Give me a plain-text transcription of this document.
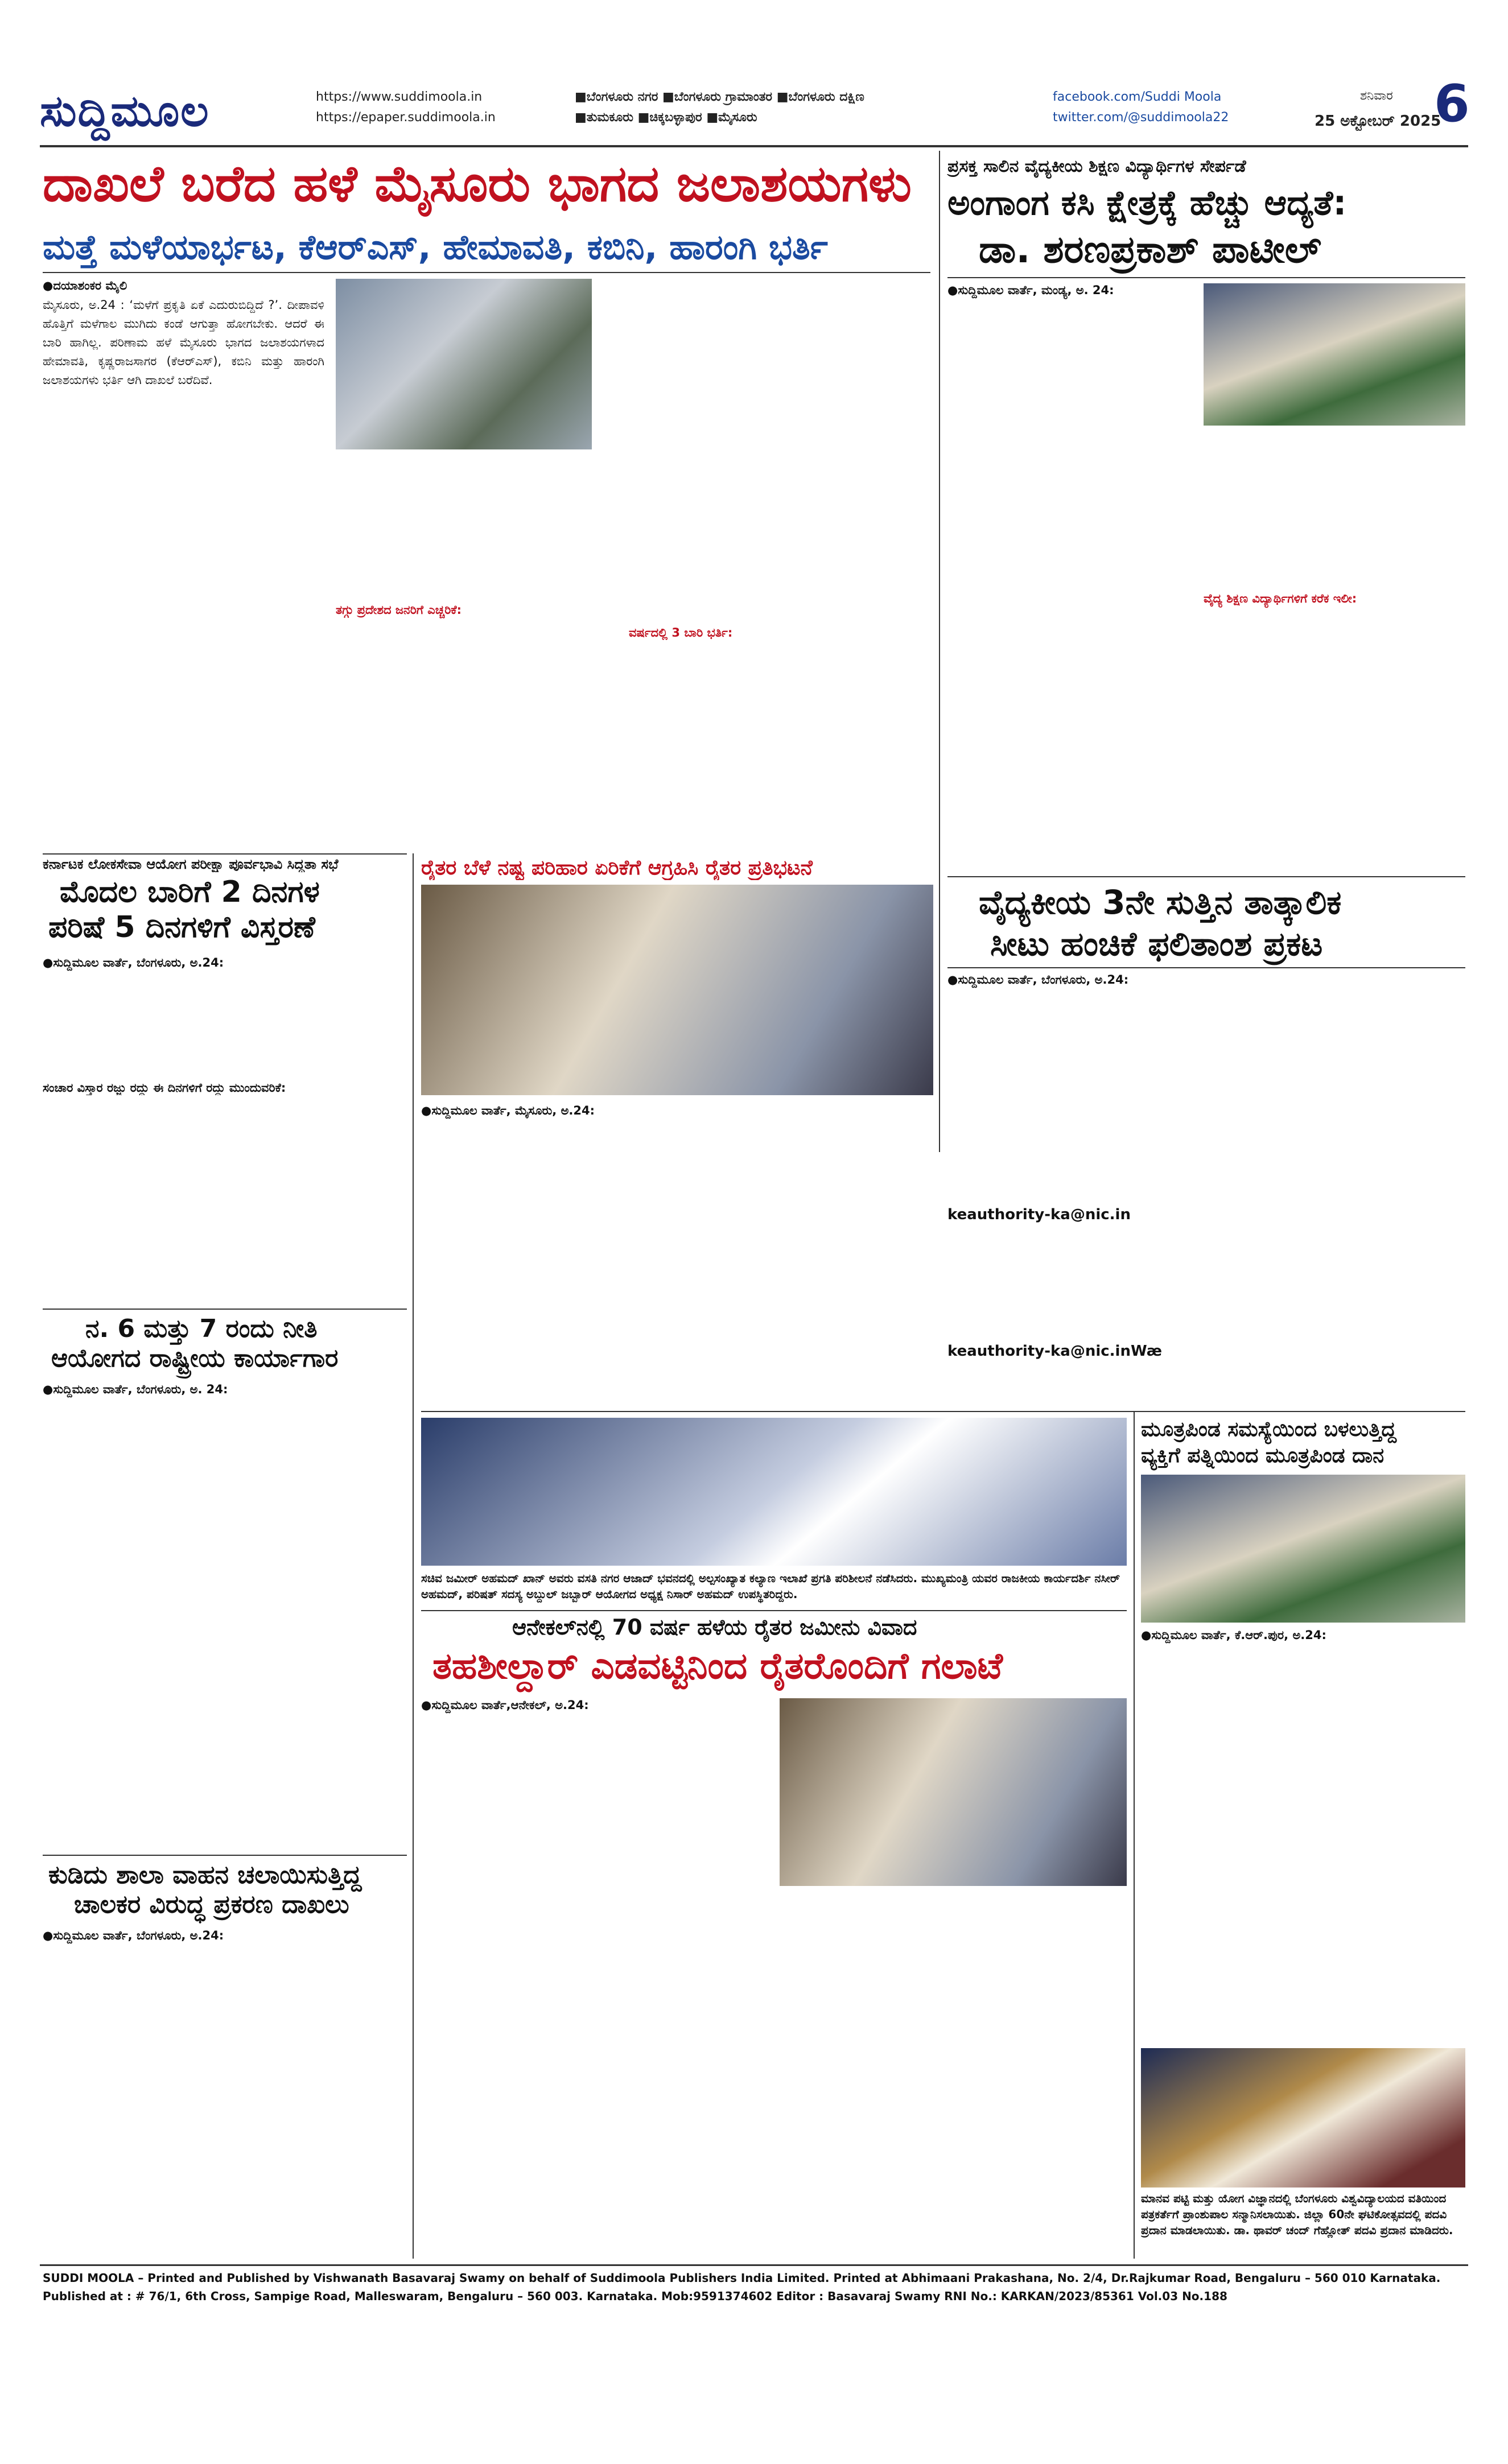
ಸುದ್ದಿಮೂಲ	https://www.suddimoola.in
https://epaper.suddimoola.in
■ಬೆಂಗಳೂರು ನಗರ ■ಬೆಂಗಳೂರು ಗ್ರಾಮಾಂತರ ■ಬೆಂಗಳೂರು ದಕ್ಷಿಣ
■ತುಮಕೂರು ■ಚಿಕ್ಕಬಳ್ಳಾಪುರ ■ಮೈಸೂರು
facebook.com/Suddi Moola
twitter.com/@suddimoola22
ಶನಿವಾರ
25 ಅಕ್ಟೋಬರ್ 2025
6
ದಾಖಲೆ ಬರೆದ ಹಳೆ ಮೈಸೂರು ಭಾಗದ ಜಲಾಶಯಗಳು
ಮತ್ತೆ ಮಳೆಯಾರ್ಭಟ, ಕೆಆರ್‌ಎಸ್, ಹೇಮಾವತಿ, ಕಬಿನಿ, ಹಾರಂಗಿ ಭರ್ತಿ
●ದಯಾಶಂಕರ ಮೈಲಿ
ಮೈಸೂರು, ಅ.24 : ‘ಮಳೆಗೆ ಪ್ರಕೃತಿ ಏಕೆ ಎದುರುಬಿದ್ದಿದೆ ?’. ದೀಪಾವಳಿ ಹೊತ್ತಿಗೆ ಮಳೆಗಾಲ ಮುಗಿದು ಕಂಡೆ ಆಗುತ್ತಾ ಹೋಗಬೇಕು. ಆದರೆ ಈ ಬಾರಿ ಹಾಗಿಲ್ಲ. ಪರಿಣಾಮ ಹಳೆ ಮೈಸೂರು ಭಾಗದ ಜಲಾಶಯಗಳಾದ ಹೇಮಾವತಿ, ಕೃಷ್ಣರಾಜಸಾಗರ (ಕೆಆರ್‌ಎಸ್), ಕಬಿನಿ ಮತ್ತು ಹಾರಂಗಿ ಜಲಾಶಯಗಳು ಭರ್ತಿ ಆಗಿ ದಾಖಲೆ ಬರೆದಿವೆ.
ತಗ್ಗು ಪ್ರದೇಶದ ಜನರಿಗೆ ಎಚ್ಚರಿಕೆ:
ವರ್ಷದಲ್ಲಿ 3 ಬಾರಿ ಭರ್ತಿ:
ಪ್ರಸಕ್ತ ಸಾಲಿನ ವೈದ್ಯಕೀಯ ಶಿಕ್ಷಣ ವಿದ್ಯಾರ್ಥಿಗಳ ಸೇರ್ಪಡೆ
ಅಂಗಾಂಗ ಕಸಿ ಕ್ಷೇತ್ರಕ್ಕೆ ಹೆಚ್ಚು ಆದ್ಯತೆ:
ಡಾ. ಶರಣಪ್ರಕಾಶ್ ಪಾಟೀಲ್
●ಸುದ್ದಿಮೂಲ ವಾರ್ತೆ, ಮಂಡ್ಯ, ಅ. 24:
ವೈದ್ಯ ಶಿಕ್ಷಣ ವಿದ್ಯಾರ್ಥಿಗಳಿಗೆ ಕರೆ‌ಕ ಇಲೀ:
ವೈದ್ಯಕೀಯ 3ನೇ ಸುತ್ತಿನ ತಾತ್ಕಾಲಿಕ
ಸೀಟು ಹಂಚಿಕೆ ಫಲಿತಾಂಶ ಪ್ರಕಟ
●ಸುದ್ದಿಮೂಲ ವಾರ್ತೆ, ಬೆಂಗಳೂರು, ಅ.24:
keauthority-ka@nic.in
keauthority-ka@nic.inWæ
ಕರ್ನಾಟಕ ಲೋಕಸೇವಾ ಆಯೋಗ ಪರೀಕ್ಷಾ ಪೂರ್ವಭಾವಿ ಸಿದ್ಧತಾ ಸಭೆ
ಮೊದಲ ಬಾರಿಗೆ 2 ದಿನಗಳ
ಪರಿಷೆ 5 ದಿನಗಳಿಗೆ ವಿಸ್ತರಣೆ
●ಸುದ್ದಿಮೂಲ ವಾರ್ತೆ, ಬೆಂಗಳೂರು, ಅ.24:
ಸಂಚಾರ ವಿಸ್ತಾರ ರಜ್ಜು ರದ್ದು ಈ ದಿನಗಳಿಗೆ ರದ್ದು ಮುಂದುವರಿಕೆ:
ನ. 6 ಮತ್ತು 7 ರಂದು ನೀತಿ
ಆಯೋಗದ ರಾಷ್ಟ್ರೀಯ ಕಾರ್ಯಾಗಾರ
●ಸುದ್ದಿಮೂಲ ವಾರ್ತೆ, ಬೆಂಗಳೂರು, ಅ. 24:
ಕುಡಿದು ಶಾಲಾ ವಾಹನ ಚಲಾಯಿಸುತ್ತಿದ್ದ
ಚಾಲಕರ ವಿರುದ್ಧ ಪ್ರಕರಣ ದಾಖಲು
●ಸುದ್ದಿಮೂಲ ವಾರ್ತೆ, ಬೆಂಗಳೂರು, ಅ.24:
ರೈತರ ಬೆಳೆ ನಷ್ಟ ಪರಿಹಾರ ಏರಿಕೆಗೆ ಆಗ್ರಹಿಸಿ ರೈತರ ಪ್ರತಿಭಟನೆ
●ಸುದ್ದಿಮೂಲ ವಾರ್ತೆ, ಮೈಸೂರು, ಅ.24:
ಸಚಿವ ಜಮೀರ್ ಅಹಮದ್ ಖಾನ್ ಅವರು ವಸತಿ ನಗರ ಆಜಾದ್ ಭವನದಲ್ಲಿ ಅಲ್ಪಸಂಖ್ಯಾತ ಕಲ್ಯಾಣ ಇಲಾಖೆ ಪ್ರಗತಿ ಪರಿಶೀಲನೆ ನಡೆಸಿದರು. ಮುಖ್ಯಮಂತ್ರಿ ಯವರ ರಾಜಕೀಯ ಕಾರ್ಯದರ್ಶಿ ನಸೀರ್ ಅಹಮದ್, ಪರಿಷತ್ ಸದಸ್ಯ ಅಬ್ದುಲ್ ಜಬ್ಬಾರ್ ಆಯೋಗದ ಅಧ್ಯಕ್ಷ ನಿಸಾರ್ ಅಹಮದ್ ಉಪಸ್ಥಿತರಿದ್ದರು.
ಮೂತ್ರಪಿಂಡ ಸಮಸ್ಯೆಯಿಂದ ಬಳಲುತ್ತಿದ್ದ
ವ್ಯಕ್ತಿಗೆ ಪತ್ನಿಯಿಂದ ಮೂತ್ರಪಿಂಡ ದಾನ
●ಸುದ್ದಿಮೂಲ ವಾರ್ತೆ, ಕೆ.ಆರ್.ಪುರ, ಅ.24:
ಮಾನವ ಪಟ್ಟಿ ಮತ್ತು ಯೋಗ ವಿಜ್ಞಾನದಲ್ಲಿ ಬೆಂಗಳೂರು ವಿಶ್ವವಿದ್ಯಾಲಯದ ವತಿಯಿಂದ ಪತ್ರಕರ್ತೆಗೆ ಪ್ರಾಂಶುಪಾಲ ಸನ್ಮಾನಿಸಲಾಯಿತು. ಜಿಲ್ಲಾ 60ನೇ ಘಟಿಕೋತ್ಸವದಲ್ಲಿ ಪದವಿ ಪ್ರದಾನ ಮಾಡಲಾಯಿತು. ಡಾ. ಥಾವರ್ ಚಂದ್ ಗೆಹ್ಲೋತ್ ಪದವಿ ಪ್ರದಾನ ಮಾಡಿದರು.
ಆನೇಕಲ್‌ನಲ್ಲಿ 70 ವರ್ಷ ಹಳೆಯ ರೈತರ ಜಮೀನು ವಿವಾದ
ತಹಶೀಲ್ದಾರ್ ಎಡವಟ್ಟಿನಿಂದ ರೈತರೊಂದಿಗೆ ಗಲಾಟೆ
●ಸುದ್ದಿಮೂಲ ವಾರ್ತೆ,ಆನೇಕಲ್, ಅ.24:
SUDDI MOOLA – Printed and Published by Vishwanath Basavaraj Swamy on behalf of Suddimoola Publishers India Limited. Printed at Abhimaani Prakashana, No. 2/4, Dr.Rajkumar Road, Bengaluru – 560 010 Karnataka.
Published at : # 76/1, 6th Cross, Sampige Road, Malleswaram, Bengaluru – 560 003. Karnataka. Mob:9591374602 Editor : Basavaraj Swamy RNI No.: KARKAN/2023/85361 Vol.03 No.188
